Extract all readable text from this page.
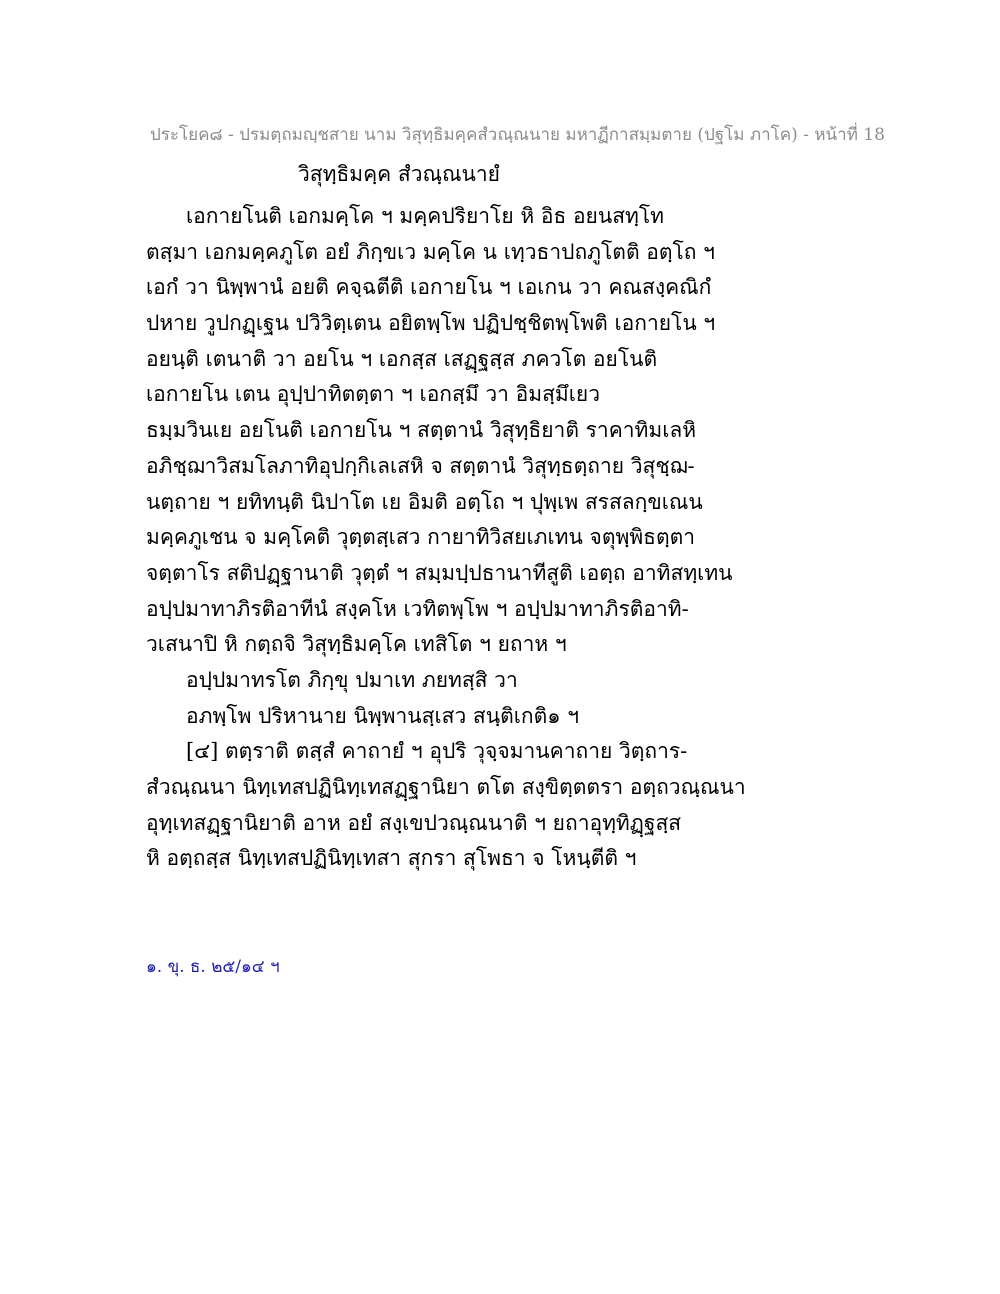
ประโยค๘ - ปรมตฺถมญฺชสาย นาม วิสุทฺธิมคฺคสํวณฺณนาย มหาฏีกาสมฺมตาย (ปฐโม ภาโค) - หน้าที่ 18
วิสุทฺธิมคฺค สํวณฺณนายํ
เอกายโนติ เอกมคฺโค ฯ มคฺคปริยาโย หิ อิธ อยนสทฺโท
ตสฺมา เอกมคฺคภูโต อยํ ภิกฺขเว มคฺโค น เทฺวธาปถภูโตติ อตฺโถ ฯ
เอกํ วา นิพฺพานํ อยติ คจฺฉตีติ เอกายโน ฯ เอเกน วา คณสงฺคณิกํ
ปหาย วูปกฏฺเฐน ปวิวิตฺเตน อยิตพฺโพ ปฏิปชฺชิตพฺโพติ เอกายโน ฯ
อยนฺติ เตนาติ วา อยโน ฯ เอกสฺส เสฏฺฐสฺส ภควโต อยโนติ
เอกายโน เตน อุปฺปาทิตตฺตา ฯ เอกสฺมึ วา อิมสฺมึเยว
ธมฺมวินเย อยโนติ เอกายโน ฯ สตฺตานํ วิสุทฺธิยาติ ราคาทิมเลหิ
อภิชฺฌาวิสมโลภาทิอุปกฺกิเลเสหิ จ สตฺตานํ วิสุทฺธตฺถาย วิสุชฺฌ-
นตฺถาย ฯ ยทิทนฺติ นิปาโต เย อิมติ อตฺโถ ฯ ปุพฺเพ สรสลกฺขเณน
มคฺคภูเชน จ มคฺโคติ วุตฺตสฺเสว กายาทิวิสยเภเทน จตุพฺพิธตฺตา
จตฺตาโร สติปฏฺฐานาติ วุตฺตํ ฯ สมฺมปฺปธานาทีสูติ เอตฺถ อาทิสทฺเทน
อปฺปมาทาภิรติอาทีนํ สงฺคโห เวทิตพฺโพ ฯ อปฺปมาทาภิรติอาทิ-
วเสนาปิ หิ กตฺถจิ วิสุทฺธิมคฺโค เทสิโต ฯ ยถาห ฯ
อปฺปมาทรโต ภิกฺขุ ปมาเท ภยทสฺสิ วา
อภพฺโพ ปริหานาย นิพฺพานสฺเสว สนฺติเกติ๑ ฯ
[๔] ตตฺราติ ตสฺสํ คาถายํ ฯ อุปริ วุจฺจมานคาถาย วิตฺถาร-
สํวณฺณนา นิทฺเทสปฏินิทฺเทสฏฺฐานิยา ตโต สงฺขิตฺตตรา อตฺถวณฺณนา
อุทฺเทสฏฺฐานิยาติ อาห อยํ สงฺเขปวณฺณนาติ ฯ ยถาอุทฺทิฏฺฐสฺส
หิ อตฺถสฺส นิทฺเทสปฏินิทฺเทสา สุกรา สุโพธา จ โหนฺตีติ ฯ
๑. ขุ. ธ. ๒๕/๑๔ ฯ
